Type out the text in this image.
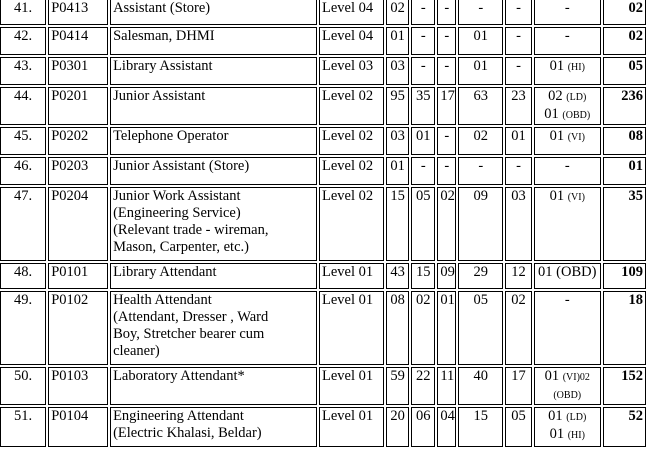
41.	P0413	Assistant (Store)	Level 04	02	-	-	-	-	-	02
42.	P0414	Salesman, DHMI	Level 04	01	-	-	01	-	-	02
43.	P0301	Library Assistant	Level 03	03	-	-	01	-	01 (HI)	05
44.	P0201	Junior Assistant	Level 02	95	35	17	63	23	02 (LD)
01 (OBD)	236
45.	P0202	Telephone Operator	Level 02	03	01	-	02	01	01 (VI)	08
46.	P0203	Junior Assistant (Store)	Level 02	01	-	-	-	-	-	01
47.	P0204	Junior Work Assistant
(Engineering Service)
(Relevant trade - wireman,
Mason, Carpenter, etc.)	Level 02	15	05	02	09	03	01 (VI)	35
48.	P0101	Library Attendant	Level 01	43	15	09	29	12	01 (OBD)	109
49.	P0102	Health Attendant
(Attendant, Dresser , Ward
Boy, Stretcher bearer cum
cleaner)	Level 01	08	02	01	05	02	-	18
50.	P0103	Laboratory Attendant*	Level 01	59	22	11	40	17	01 (VI)02
(OBD)	152
51.	P0104	Engineering Attendant
(Electric Khalasi, Beldar)	Level 01	20	06	04	15	05	01 (LD)
01 (HI)	52
